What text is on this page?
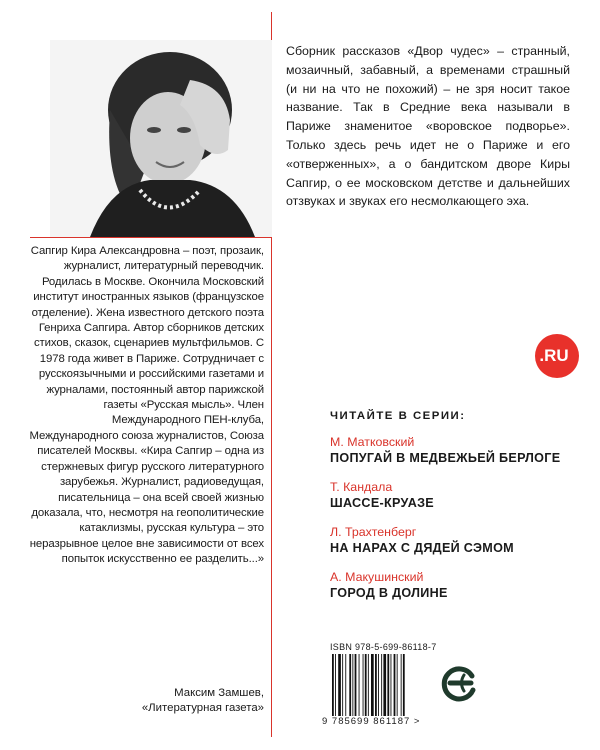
Сапгир Кира Александровна – поэт, прозаик, журналист, литературный переводчик. Родилась в Москве. Окончила Московский институт иностранных языков (французское отделение). Жена известного детского поэта Генриха Сапгира. Автор сборников детских стихов, сказок, сценариев мультфильмов. С 1978 года живет в Париже. Сотрудничает с русскоязычными и российскими газетами и журналами, постоянный автор парижской газеты «Русская мысль». Член Международного ПЕН-клуба, Международного союза журналистов, Союза писателей Москвы. «Кира Сапгир – одна из стержневых фигур русского литературного зарубежья. Журналист, радиоведущая, писательница – она всей своей жизнью доказала, что, несмотря на геополитические катаклизмы, русская культура – это неразрывное целое вне зависимости от всех попыток искусственно ее разделить...»

Максим Замшев,
«Литературная газета»

Сборник рассказов «Двор чудес» – странный, мозаичный, забавный, а временами страшный (и ни на что не похожий) – не зря носит такое название. Так в Средние века называли в Париже знаменитое «воровское подворье». Только здесь речь идет не о Париже и его «отверженных», а о бандитском дворе Киры Сапгир, о ее московском детстве и дальнейших отзвуках и звуках его несмолкающего эха.

.RU
ЧИТАЙТЕ В СЕРИИ:
М. Матковский
ПОПУГАЙ В МЕДВЕЖЬЕЙ БЕРЛОГЕ
Т. Кандала
ШАССЕ-КРУАЗЕ
Л. Трахтенберг
НА НАРАХ С ДЯДЕЙ СЭМОМ
А. Макушинский
ГОРОД В ДОЛИНЕ
ISBN 978-5-699-86118-7
9 785699 861187 >
